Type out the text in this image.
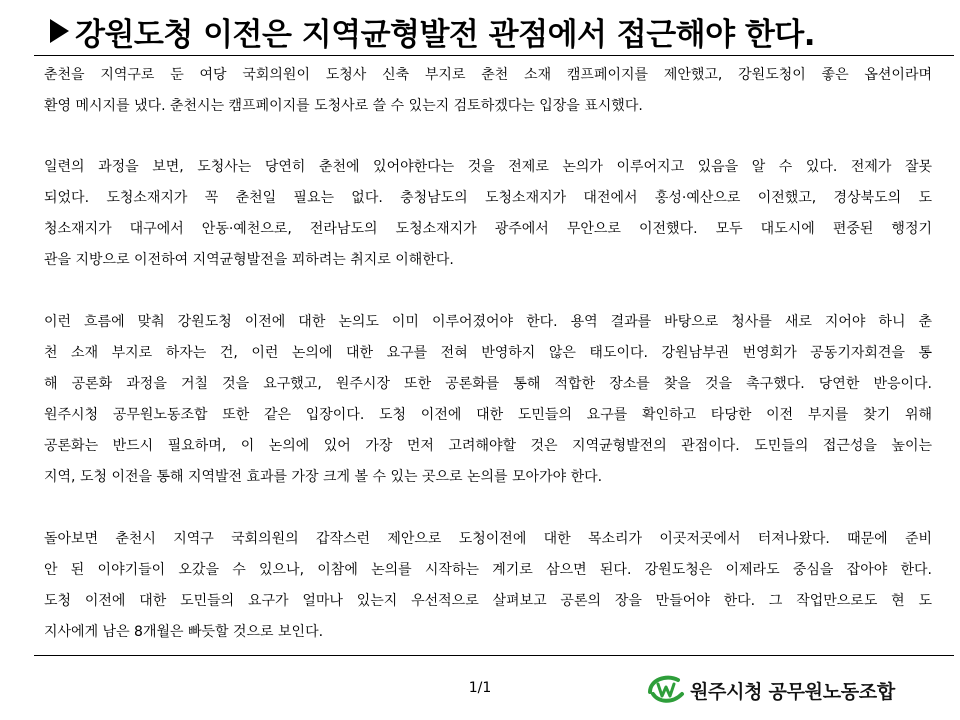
강원도청 이전은 지역균형발전 관점에서 접근해야 한다.
춘천을 지역구로 둔 여당 국회의원이 도청사 신축 부지로 춘천 소재 캠프페이지를 제안했고, 강원도청이 좋은 옵션이라며
환영 메시지를 냈다. 춘천시는 캠프페이지를 도청사로 쓸 수 있는지 검토하겠다는 입장을 표시했다.
일련의 과정을 보면, 도청사는 당연히 춘천에 있어야한다는 것을 전제로 논의가 이루어지고 있음을 알 수 있다. 전제가 잘못
되었다. 도청소재지가 꼭 춘천일 필요는 없다. 충청남도의 도청소재지가 대전에서 홍성·예산으로 이전했고, 경상북도의 도
청소재지가 대구에서 안동·예천으로, 전라남도의 도청소재지가 광주에서 무안으로 이전했다. 모두 대도시에 편중된 행정기
관을 지방으로 이전하여 지역균형발전을 꾀하려는 취지로 이해한다.
이런 흐름에 맞춰 강원도청 이전에 대한 논의도 이미 이루어졌어야 한다. 용역 결과를 바탕으로 청사를 새로 지어야 하니 춘
천 소재 부지로 하자는 건, 이런 논의에 대한 요구를 전혀 반영하지 않은 태도이다. 강원남부권 번영회가 공동기자회견을 통
해 공론화 과정을 거칠 것을 요구했고, 원주시장 또한 공론화를 통해 적합한 장소를 찾을 것을 촉구했다. 당연한 반응이다.
원주시청 공무원노동조합 또한 같은 입장이다. 도청 이전에 대한 도민들의 요구를 확인하고 타당한 이전 부지를 찾기 위해
공론화는 반드시 필요하며, 이 논의에 있어 가장 먼저 고려해야할 것은 지역균형발전의 관점이다. 도민들의 접근성을 높이는
지역, 도청 이전을 통해 지역발전 효과를 가장 크게 볼 수 있는 곳으로 논의를 모아가야 한다.
돌아보면 춘천시 지역구 국회의원의 갑작스런 제안으로 도청이전에 대한 목소리가 이곳저곳에서 터져나왔다. 때문에 준비
안 된 이야기들이 오갔을 수 있으나, 이참에 논의를 시작하는 계기로 삼으면 된다. 강원도청은 이제라도 중심을 잡아야 한다.
도청 이전에 대한 도민들의 요구가 얼마나 있는지 우선적으로 살펴보고 공론의 장을 만들어야 한다. 그 작업만으로도 현 도
지사에게 남은 8개월은 빠듯할 것으로 보인다.
1/1	원주시청 공무원노동조합
